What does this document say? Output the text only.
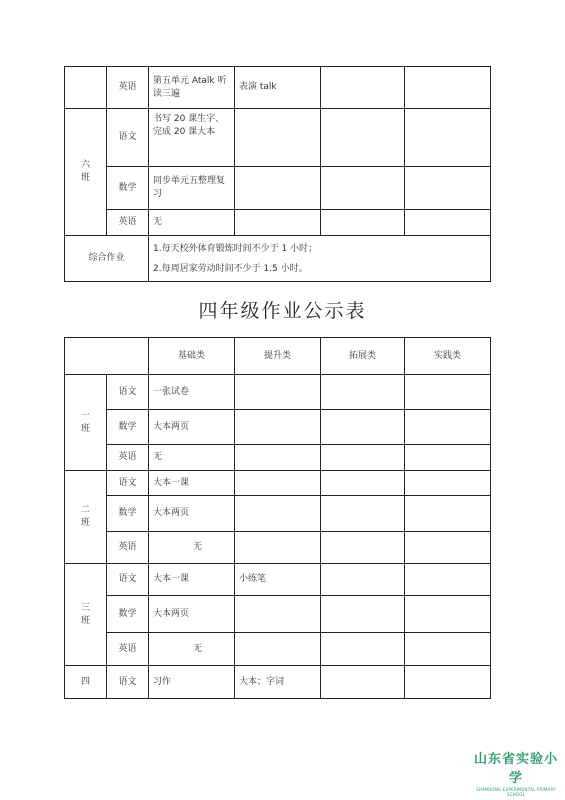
	英语	第五单元 Atalk 听读三遍	表演 talk		
六
班	语文	书写 20 课生字、完成 20 课大本			
	数学	同步单元五整理复习			
	英语	无			
综合作业		1.每天校外体育锻炼时间不少于 1 小时；
2.每周居家劳动时间不少于 1.5 小时。			
四年级作业公示表
		基础类	提升类	拓展类	实践类
一
班	语文	一张试卷			
	数学	大本两页			
	英语	无			
二
班	语文	大本一课			
	数学	大本两页			
	英语	无			
三
班	语文	大本一课	小练笔		
	数学	大本两页			
	英语	无			
四	语文	习作	大本；字词		
山东省实验小学
SHANDONG EXPERIMENTAL PRIMARY SCHOOL
